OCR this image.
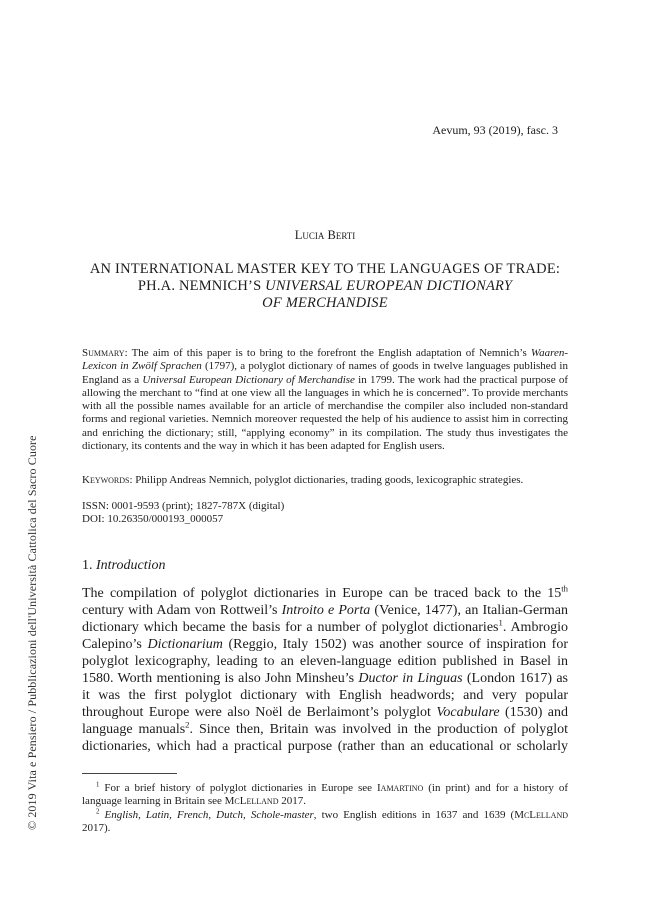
© 2019 Vita e Pensiero / Pubblicazioni dell'Università Cattolica del Sacro Cuore
Aevum, 93 (2019), fasc. 3
Lucia Berti
AN INTERNATIONAL MASTER KEY TO THE LANGUAGES OF TRADE:
PH.A. NEMNICH’S UNIVERSAL EUROPEAN DICTIONARY
OF MERCHANDISE
Summary: The aim of this paper is to bring to the forefront the English adaptation of Nemnich’s Waaren-Lexicon in Zwölf Sprachen (1797), a polyglot dictionary of names of goods in twelve languages published in England as a Universal European Dictionary of Merchandise in 1799. The work had the practical purpose of allowing the merchant to “find at one view all the languages in which he is concerned”. To provide merchants with all the possible names available for an article of merchandise the compiler also included non-standard forms and regional varieties. Nemnich moreover requested the help of his audience to assist him in correcting and enriching the dictionary; still, “applying economy” in its compilation. The study thus investigates the dictionary, its contents and the way in which it has been adapted for English users.
Keywords: Philipp Andreas Nemnich, polyglot dictionaries, trading goods, lexicographic strategies.
ISSN: 0001-9593 (print); 1827-787X (digital)
DOI: 10.26350/000193_000057
1. Introduction
The compilation of polyglot dictionaries in Europe can be traced back to the 15th century with Adam von Rottweil’s Introito e Porta (Venice, 1477), an Italian-German dictionary which became the basis for a number of polyglot dictionaries$^1$. Ambrogio Calepino’s Dictionarium (Reggio, Italy 1502) was another source of inspiration for polyglot lexicography, leading to an eleven-language edition published in Basel in 1580. Worth mentioning is also John Minsheu’s Ductor in Linguas (London 1617) as it was the first polyglot dictionary with English headwords; and very popular throughout Europe were also Noël de Berlaimont’s polyglot Vocabulare (1530) and language manuals$^2$. Since then, Britain was involved in the production of polyglot dictionaries, which had a practical purpose (rather than an educational or scholarly

$^1$ For a brief history of polyglot dictionaries in Europe see Iamartino (in print) and for a history of language learning in Britain see McLelland 2017.

$^2$ English, Latin, French, Dutch, Schole-master, two English editions in 1637 and 1639 (McLelland 2017).
